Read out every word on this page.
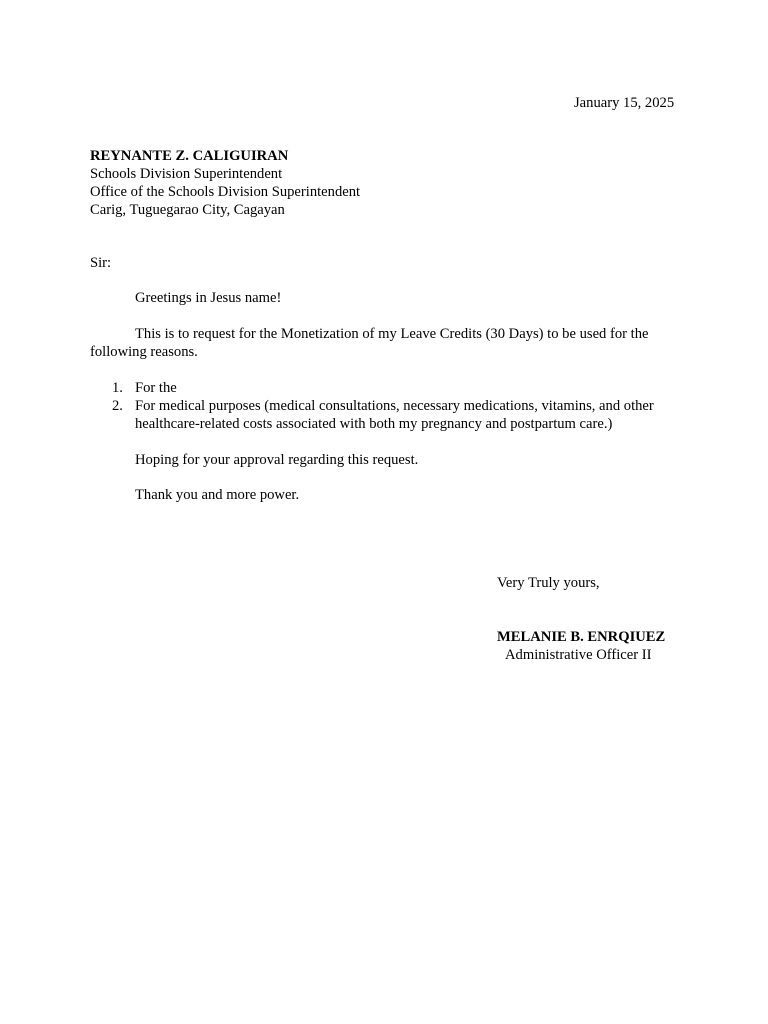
January 15, 2025
REYNANTE Z. CALIGUIRAN
Schools Division Superintendent
Office of the Schools Division Superintendent
Carig, Tuguegarao City, Cagayan
Sir:
Greetings in Jesus name!
This is to request for the Monetization of my Leave Credits (30 Days) to be used for the
following reasons.
1. For the
2. For medical purposes (medical consultations, necessary medications, vitamins, and other
healthcare-related costs associated with both my pregnancy and postpartum care.)
Hoping for your approval regarding this request.
Thank you and more power.
Very Truly yours,
MELANIE B. ENRQIUEZ
Administrative Officer II
